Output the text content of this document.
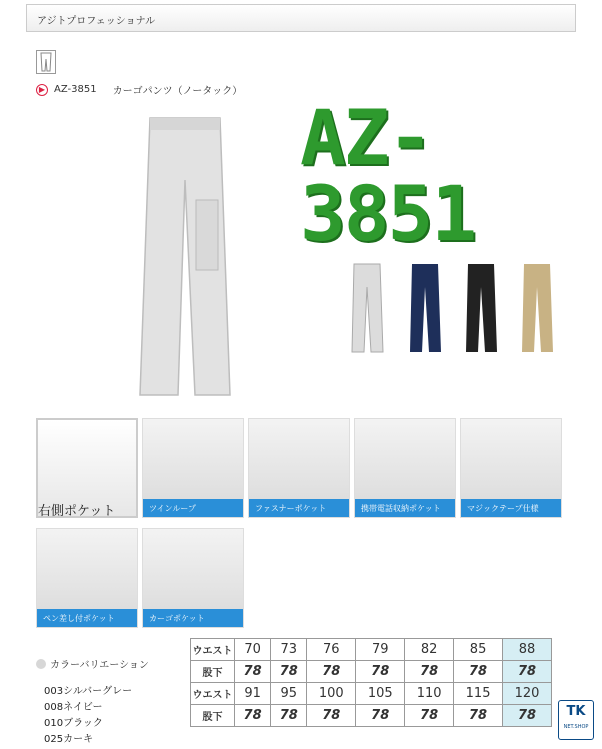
アジトプロフェッショナル
▶ AZ-3851 カーゴパンツ（ノータック）
AZ-3851
右側ポケット	ツインループ	ファスナーポケット	携帯電話収納ポケット	マジックテープ仕様
ペン差し付ポケット	カーゴポケット
カラーバリエーション
003シルバーグレー
008ネイビー
010ブラック
025カーキ
ウエスト	70	73	76	79	82	85	88
股下	78	78	78	78	78	78	78
ウエスト	91	95	100	105	110	115	120
股下	78	78	78	78	78	78	78	TK
NET.SHOP
